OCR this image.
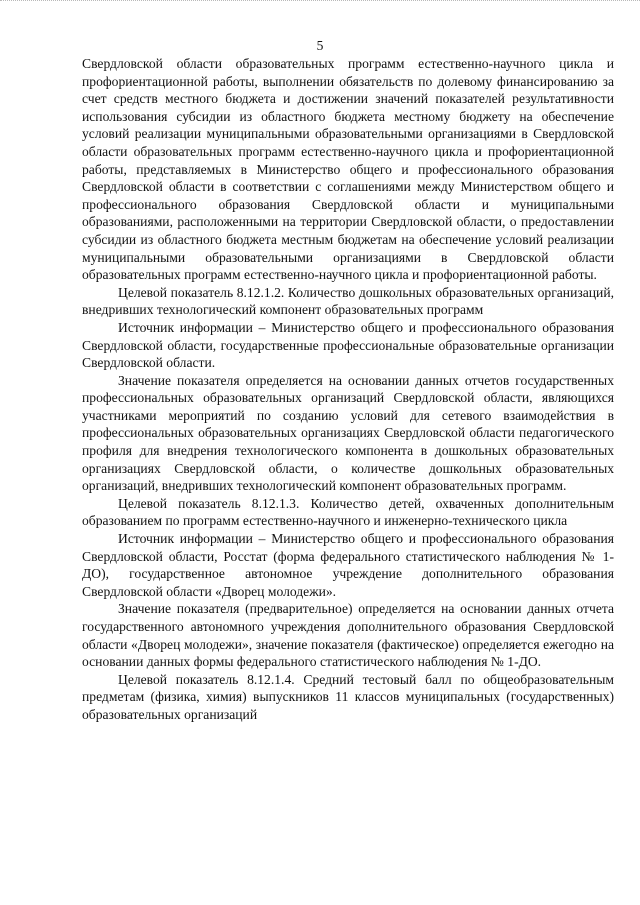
5

Свердловской области образовательных программ естественно-научного цикла и профориентационной работы, выполнении обязательств по долевому финансированию за счет средств местного бюджета и достижении значений показателей результативности использования субсидии из областного бюджета местному бюджету на обеспечение условий реализации муниципальными образовательными организациями в Свердловской области образовательных программ естественно-научного цикла и профориентационной работы, представляемых в Министерство общего и профессионального образования Свердловской области в соответствии с соглашениями между Министерством общего и профессионального образования Свердловской области и муниципальными образованиями, расположенными на территории Свердловской области, о предоставлении субсидии из областного бюджета местным бюджетам на обеспечение условий реализации муниципальными образовательными организациями в Свердловской области образовательных программ естественно-научного цикла и профориентационной работы.

Целевой показатель 8.12.1.2. Количество дошкольных образовательных организаций, внедривших технологический компонент образовательных программ

Источник информации – Министерство общего и профессионального образования Свердловской области, государственные профессиональные образовательные организации Свердловской области.

Значение показателя определяется на основании данных отчетов государственных профессиональных образовательных организаций Свердловской области, являющихся участниками мероприятий по созданию условий для сетевого взаимодействия в профессиональных образовательных организациях Свердловской области педагогического профиля для внедрения технологического компонента в дошкольных образовательных организациях Свердловской области, о количестве дошкольных образовательных организаций, внедривших технологический компонент образовательных программ.

Целевой показатель 8.12.1.3. Количество детей, охваченных дополнительным образованием по программ естественно-научного и инженерно-технического цикла

Источник информации – Министерство общего и профессионального образования Свердловской области, Росстат (форма федерального статистического наблюдения № 1-ДО), государственное автономное учреждение дополнительного образования Свердловской области «Дворец молодежи».

Значение показателя (предварительное) определяется на основании данных отчета государственного автономного учреждения дополнительного образования Свердловской области «Дворец молодежи», значение показателя (фактическое) определяется ежегодно на основании данных формы федерального статистического наблюдения № 1-ДО.

Целевой показатель 8.12.1.4. Средний тестовый балл по общеобразовательным предметам (физика, химия) выпускников 11 классов муниципальных (государственных) образовательных организаций
